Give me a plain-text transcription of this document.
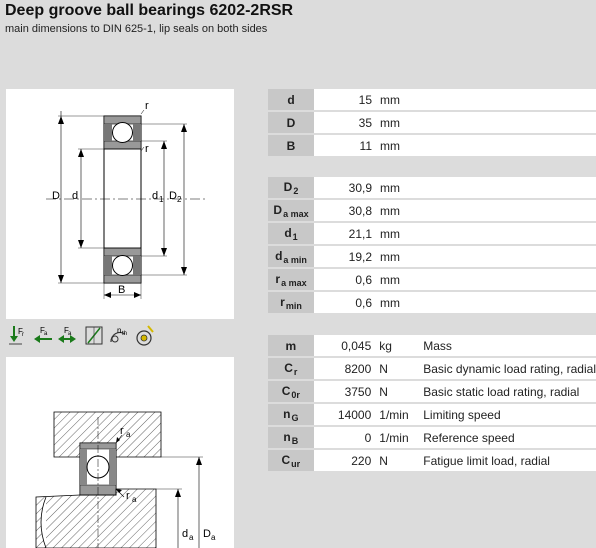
Deep groove ball bearings 6202-2RSR
main dimensions to DIN 625-1, lip seals on both sides
D d	d 1 D 2
B
r
r
F r F a F a	n th
r a
r a
d a D a
d	15	mm	
D	35	mm	
B	11	mm	
$D_2$	30,9	mm	
$D_{a max}$	30,8	mm	
$d_1$	21,1	mm	
$d_{a min}$	19,2	mm	
$r_{a max}$	0,6	mm	
$r_{min}$	0,6	mm	
m	0,045	kg	Mass
$C_r$	8200	N	Basic dynamic load rating, radial
$C_{0r}$	3750	N	Basic static load rating, radial
$n_G$	14000	1/min	Limiting speed
$n_B$	0	1/min	Reference speed
$C_{ur}$	220	N	Fatigue limit load, radial
